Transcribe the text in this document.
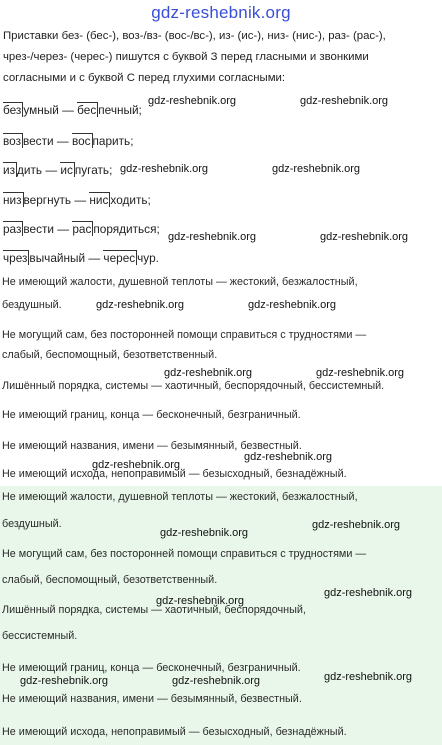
gdz-reshebnik.org
Приставки без- (бес-), воз-/вз- (вос-/вс-), из- (ис-), низ- (нис-), раз- (рас-),
чрез-/через- (черес-) пишутся с буквой З перед гласными и звонкими
согласными и с буквой С перед глухими согласными:
без умный — бес печный;
воз вести — вос парить;
из дить — ис пугать;
низ вергнуть — нис ходить;
раз вести — рас порядиться;
чрез вычайный — черес чур.
Не имеющий жалости, душевной теплоты — жестокий, безжалостный,
бездушный.
Не могущий сам, без посторонней помощи справиться с трудностями —
слабый, беспомощный, безответственный.
Лишённый порядка, системы — хаотичный, беспорядочный, бессистемный.
Не имеющий границ, конца — бесконечный, безграничный.
Не имеющий названия, имени — безымянный, безвестный.
Не имеющий исхода, непоправимый — безысходный, безнадёжный.
Не имеющий жалости, душевной теплоты — жестокий, безжалостный,
бездушный.
Не могущий сам, без посторонней помощи справиться с трудностями —
слабый, беспомощный, безответственный.
Лишённый порядка, системы — хаотичный, беспорядочный,
бессистемный.
Не имеющий границ, конца — бесконечный, безграничный.
Не имеющий названия, имени — безымянный, безвестный.
Не имеющий исхода, непоправимый — безысходный, безнадёжный.
gdz-reshebnik.org	gdz-reshebnik.org
gdz-reshebnik.org	gdz-reshebnik.org
gdz-reshebnik.org	gdz-reshebnik.org
gdz-reshebnik.org	gdz-reshebnik.org
gdz-reshebnik.org	gdz-reshebnik.org
gdz-reshebnik.org
gdz-reshebnik.org
gdz-reshebnik.org
gdz-reshebnik.org
gdz-reshebnik.org
gdz-reshebnik.org
gdz-reshebnik.org	gdz-reshebnik.org	gdz-reshebnik.org
